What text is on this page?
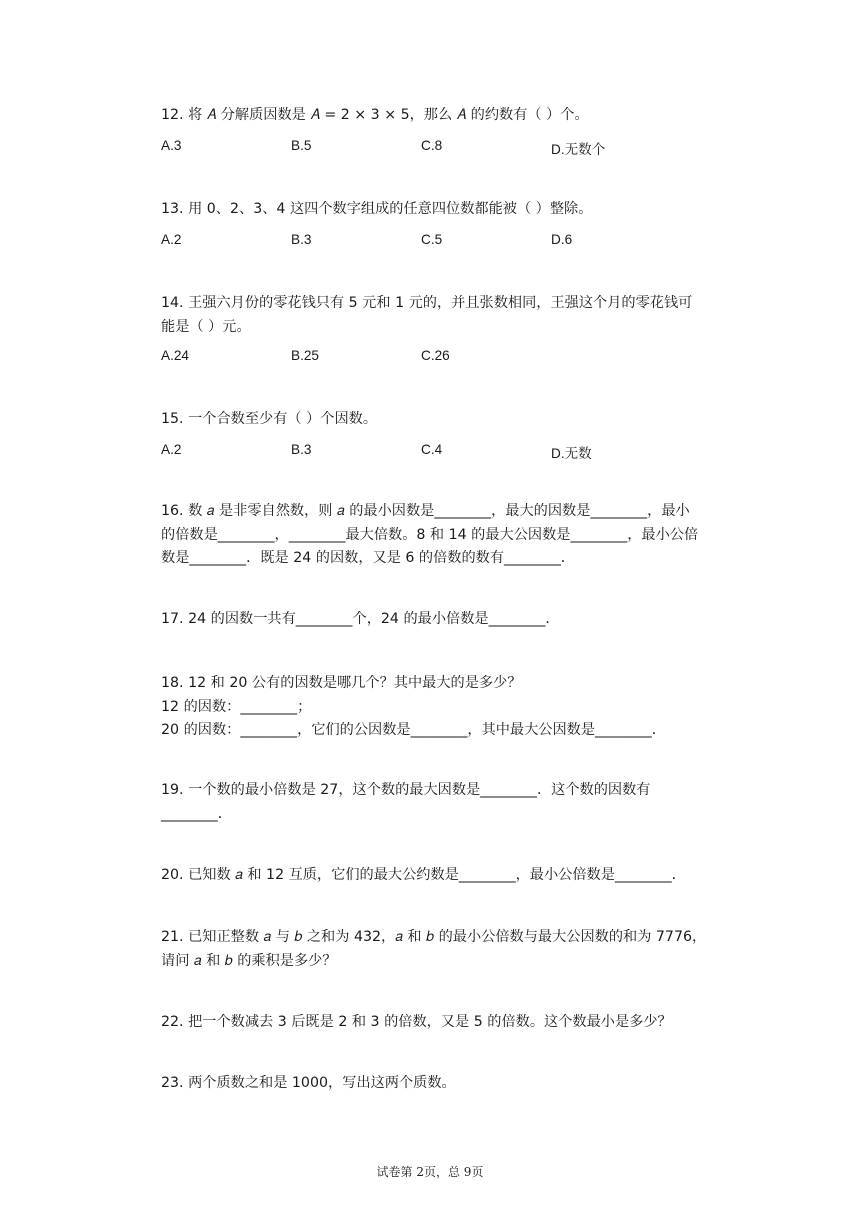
12. 将 𝐴 分解质因数是 𝐴 = 2 × 3 × 5，那么 𝐴 的约数有（ ）个。
A.3	B.5	C.8	D.无数个
13. 用 0、2、3、4 这四个数字组成的任意四位数都能被（ ）整除。
A.2	B.3	C.5	D.6
14. 王强六月份的零花钱只有 5 元和 1 元的，并且张数相同，王强这个月的零花钱可
能是（ ）元。
A.24	B.25	C.26
15. 一个合数至少有（ ）个因数。
A.2	B.3	C.4	D.无数
16. 数 𝑎 是非零自然数，则 𝑎 的最小因数是________，最大的因数是________，最小
的倍数是________，________最大倍数。8 和 14 的最大公因数是________，最小公倍
数是________．既是 24 的因数，又是 6 的倍数的数有________．
17. 24 的因数一共有________个，24 的最小倍数是________．
18. 12 和 20 公有的因数是哪几个？其中最大的是多少？
12 的因数：________；
20 的因数：________，它们的公因数是________，其中最大公因数是________．
19. 一个数的最小倍数是 27，这个数的最大因数是________．这个数的因数有
________．
20. 已知数 𝑎 和 12 互质，它们的最大公约数是________，最小公倍数是________．
21. 已知正整数 𝑎 与 𝑏 之和为 432，𝑎 和 𝑏 的最小公倍数与最大公因数的和为 7776，
请问 𝑎 和 𝑏 的乘积是多少？
22. 把一个数减去 3 后既是 2 和 3 的倍数，又是 5 的倍数。这个数最小是多少？
23. 两个质数之和是 1000，写出这两个质数。
试卷第 2页，总 9页
